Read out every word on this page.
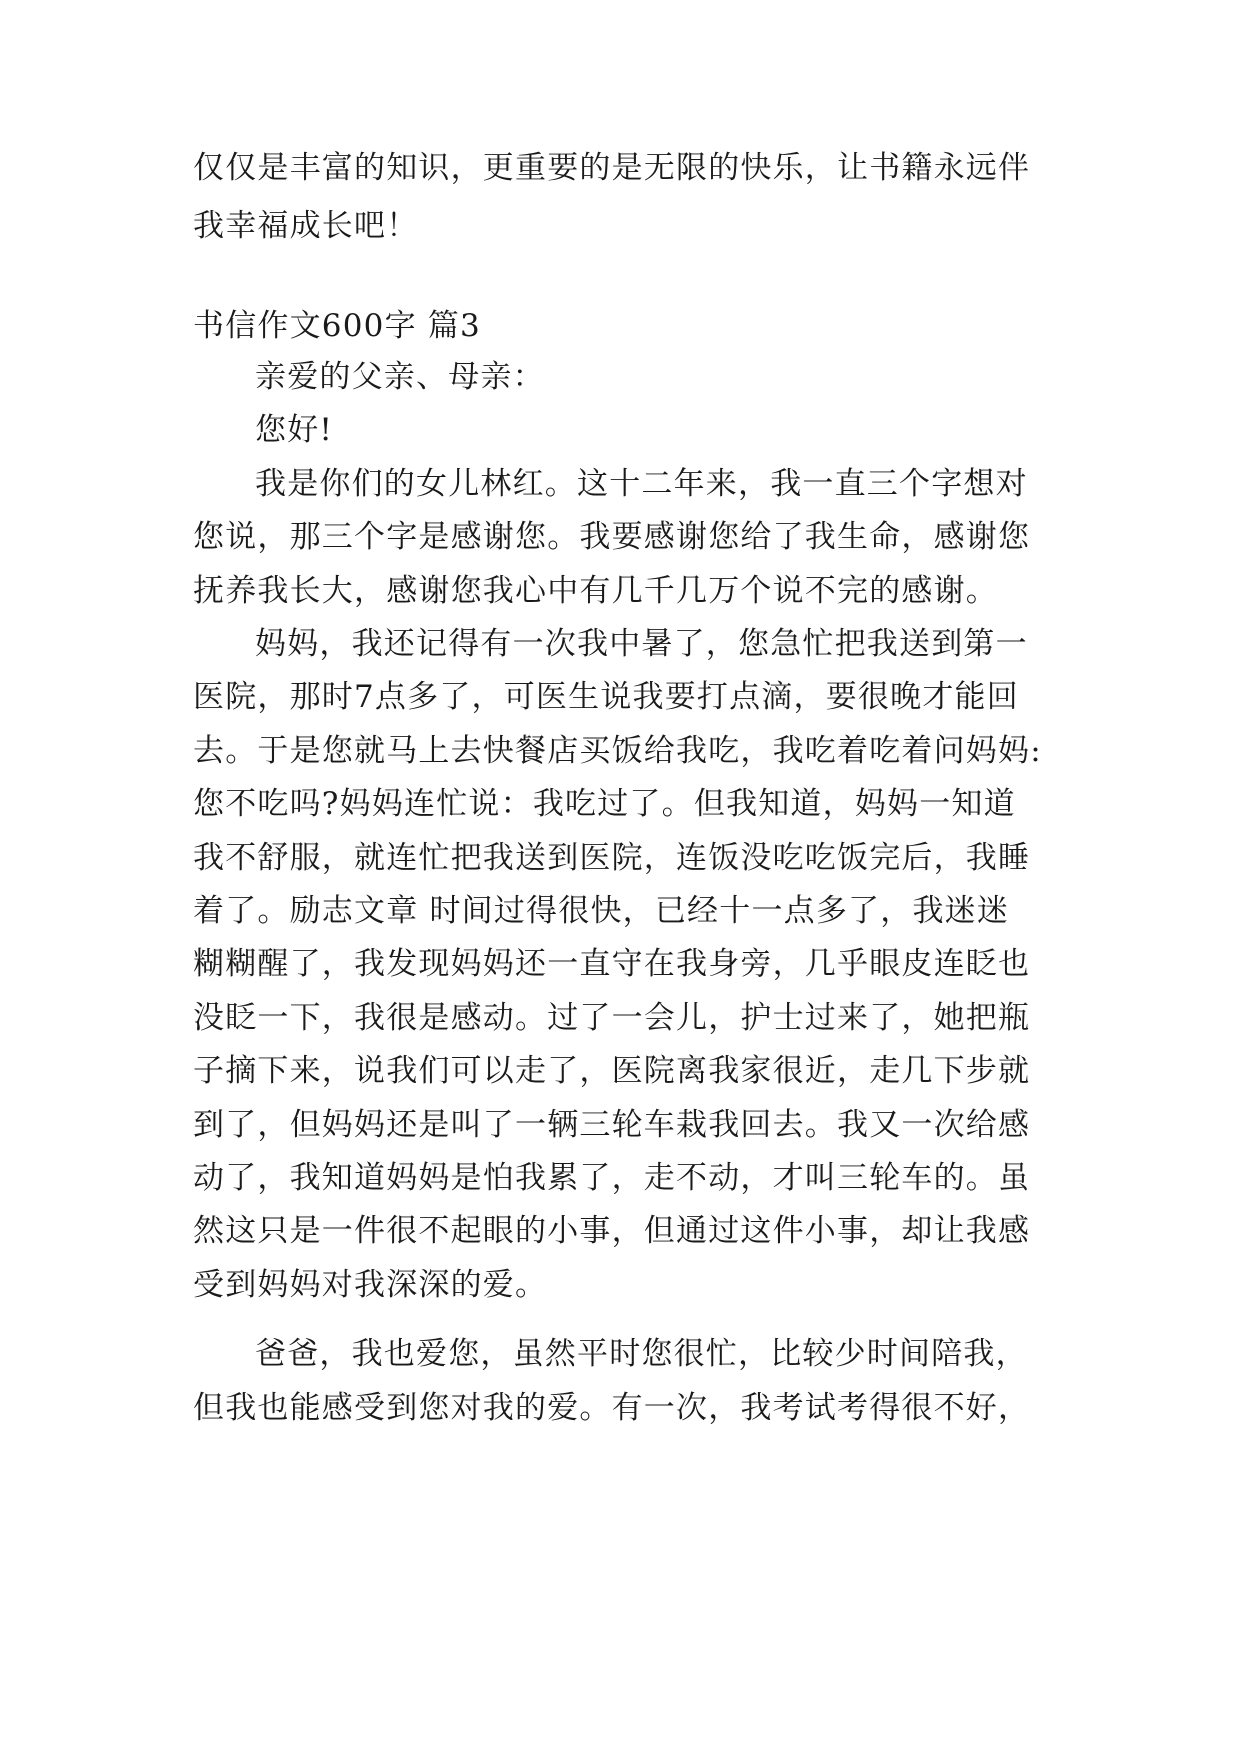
仅仅是丰富的知识，更重要的是无限的快乐，让书籍永远伴
我幸福成长吧！
书信作文600字 篇3
亲爱的父亲、母亲：
您好!
我是你们的女儿林红。这十二年来，我一直三个字想对
您说，那三个字是感谢您。我要感谢您给了我生命，感谢您
抚养我长大，感谢您我心中有几千几万个说不完的感谢。
妈妈，我还记得有一次我中暑了，您急忙把我送到第一
医院，那时7点多了，可医生说我要打点滴，要很晚才能回
去。于是您就马上去快餐店买饭给我吃，我吃着吃着问妈妈:
您不吃吗?妈妈连忙说：我吃过了。但我知道，妈妈一知道
我不舒服，就连忙把我送到医院，连饭没吃吃饭完后，我睡
着了。励志文章 时间过得很快，已经十一点多了，我迷迷
糊糊醒了，我发现妈妈还一直守在我身旁，几乎眼皮连眨也
没眨一下，我很是感动。过了一会儿，护士过来了，她把瓶
子摘下来，说我们可以走了，医院离我家很近，走几下步就
到了，但妈妈还是叫了一辆三轮车栽我回去。我又一次给感
动了，我知道妈妈是怕我累了，走不动，才叫三轮车的。虽
然这只是一件很不起眼的小事，但通过这件小事，却让我感
受到妈妈对我深深的爱。
爸爸，我也爱您，虽然平时您很忙，比较少时间陪我，
但我也能感受到您对我的爱。有一次，我考试考得很不好，
